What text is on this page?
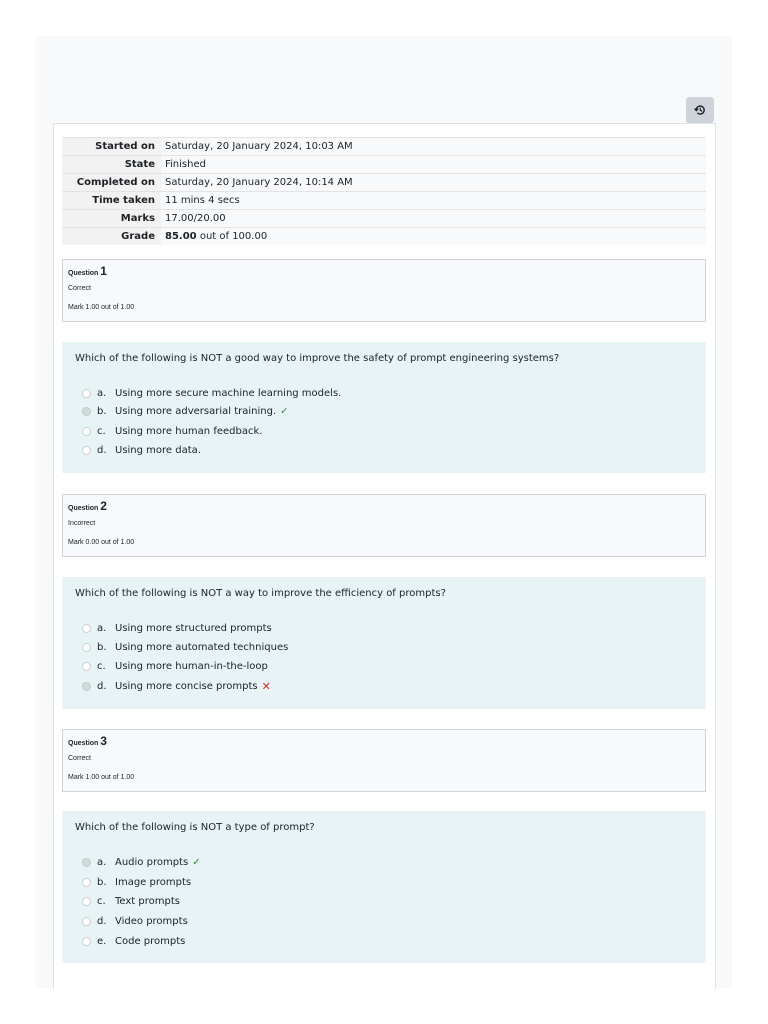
Started on	Saturday, 20 January 2024, 10:03 AM
State	Finished
Completed on	Saturday, 20 January 2024, 10:14 AM
Time taken	11 mins 4 secs
Marks	17.00/20.00
Grade	85.00 out of 100.00
Question 1
Correct
Mark 1.00 out of 1.00
Which of the following is NOT a good way to improve the safety of prompt engineering systems?
a. Using more secure machine learning models.
b. Using more adversarial training. ✓
c. Using more human feedback.
d. Using more data.
Question 2
Incorrect
Mark 0.00 out of 1.00
Which of the following is NOT a way to improve the efficiency of prompts?
a. Using more structured prompts
b. Using more automated techniques
c. Using more human-in-the-loop
d. Using more concise prompts ✕
Question 3
Correct
Mark 1.00 out of 1.00
Which of the following is NOT a type of prompt?
a. Audio prompts ✓
b. Image prompts
c. Text prompts
d. Video prompts
e. Code prompts
